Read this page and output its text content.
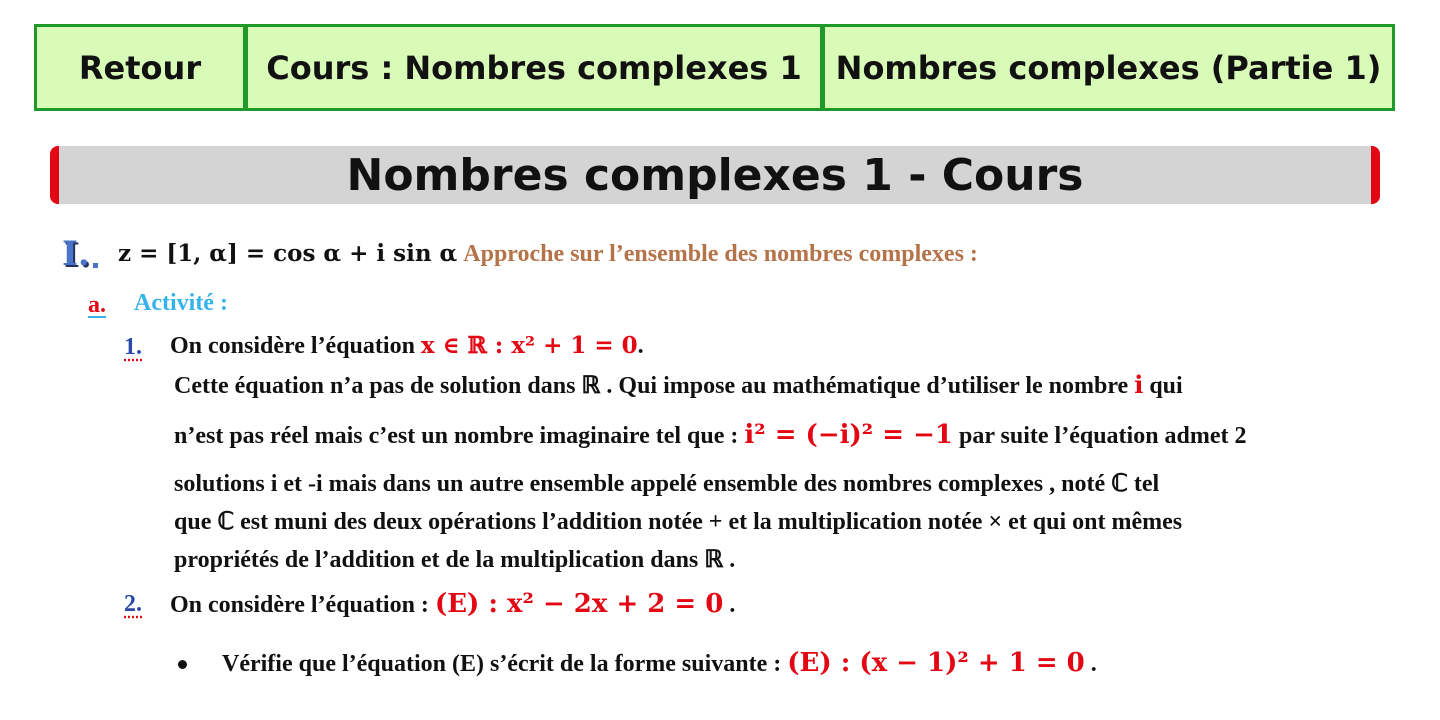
Retour	Cours : Nombres complexes 1	Nombres complexes (Partie 1)
Nombres complexes 1 - Cours
I. z = [1, α] = cos α + i sin α Approche sur l’ensemble des nombres complexes :
a. Activité :
1. On considère l’équation x ∈ ℝ : x² + 1 = 0.
Cette équation n’a pas de solution dans ℝ . Qui impose au mathématique d’utiliser le nombre i qui
n’est pas réel mais c’est un nombre imaginaire tel que : i² = (−i)² = −1 par suite l’équation admet 2
solutions i et -i mais dans un autre ensemble appelé ensemble des nombres complexes , noté ℂ tel
que ℂ est muni des deux opérations l’addition notée + et la multiplication notée × et qui ont mêmes
propriétés de l’addition et de la multiplication dans ℝ .
2. On considère l’équation : (E) : x² − 2x + 2 = 0 .
Vérifie que l’équation (E) s’écrit de la forme suivante : (E) : (x − 1)² + 1 = 0 .
